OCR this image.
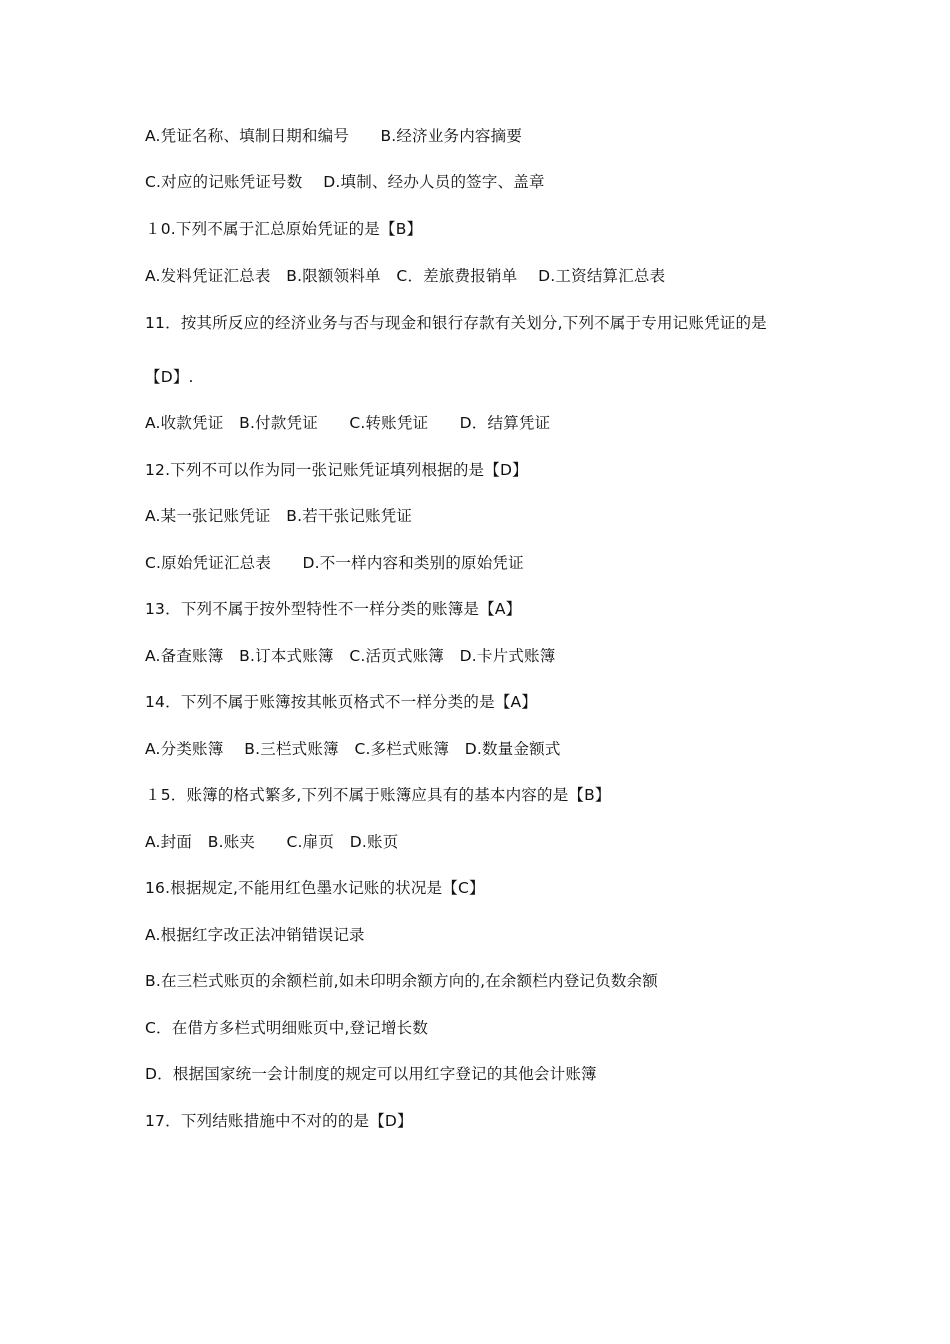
A.凭证名称、填制日期和编号　　B.经济业务内容摘要
C.对应的记账凭证号数　 D.填制、经办人员的签字、盖章
１0.下列不属于汇总原始凭证的是【B】
A.发料凭证汇总表　B.限额领料单　C．差旅费报销单　 D.工资结算汇总表
11．按其所反应的经济业务与否与现金和银行存款有关划分,下列不属于专用记账凭证的是
【D】.
A.收款凭证　B.付款凭证　　C.转账凭证　　D．结算凭证
12.下列不可以作为同一张记账凭证填列根据的是【D】
A.某一张记账凭证　B.若干张记账凭证
C.原始凭证汇总表　　D.不一样内容和类别的原始凭证
13．下列不属于按外型特性不一样分类的账簿是【A】
A.备查账簿　B.订本式账簿　C.活页式账簿　D.卡片式账簿
14．下列不属于账簿按其帐页格式不一样分类的是【A】
A.分类账簿　 B.三栏式账簿　C.多栏式账簿　D.数量金额式
１5．账簿的格式繁多,下列不属于账簿应具有的基本内容的是【B】
A.封面　B.账夹　　C.扉页　D.账页
16.根据规定,不能用红色墨水记账的状况是【C】
A.根据红字改正法冲销错误记录
B.在三栏式账页的余额栏前,如未印明余额方向的,在余额栏内登记负数余额
C．在借方多栏式明细账页中,登记增长数
D．根据国家统一会计制度的规定可以用红字登记的其他会计账簿
17．下列结账措施中不对的的是【D】
